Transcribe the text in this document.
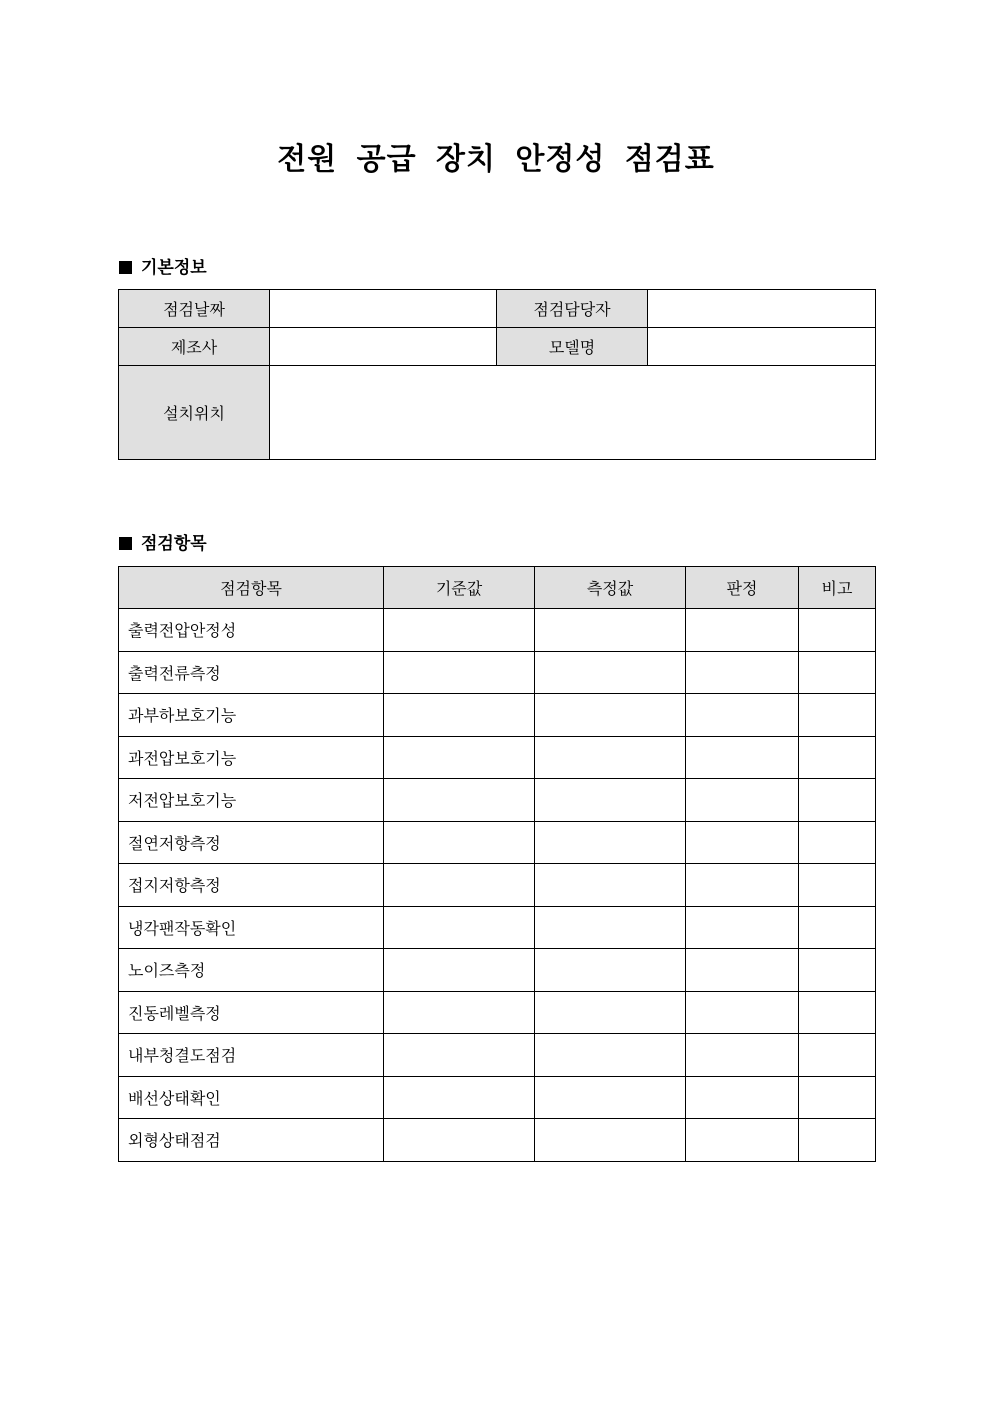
전원 공급 장치 안정성 점검표
기본정보
점검날짜		점검담당자	
제조사		모델명	
설치위치			
점검항목
점검항목	기준값	측정값	판정	비고
출력전압안정성				
출력전류측정				
과부하보호기능				
과전압보호기능				
저전압보호기능				
절연저항측정				
접지저항측정				
냉각팬작동확인				
노이즈측정				
진동레벨측정				
내부청결도점검				
배선상태확인				
외형상태점검				
